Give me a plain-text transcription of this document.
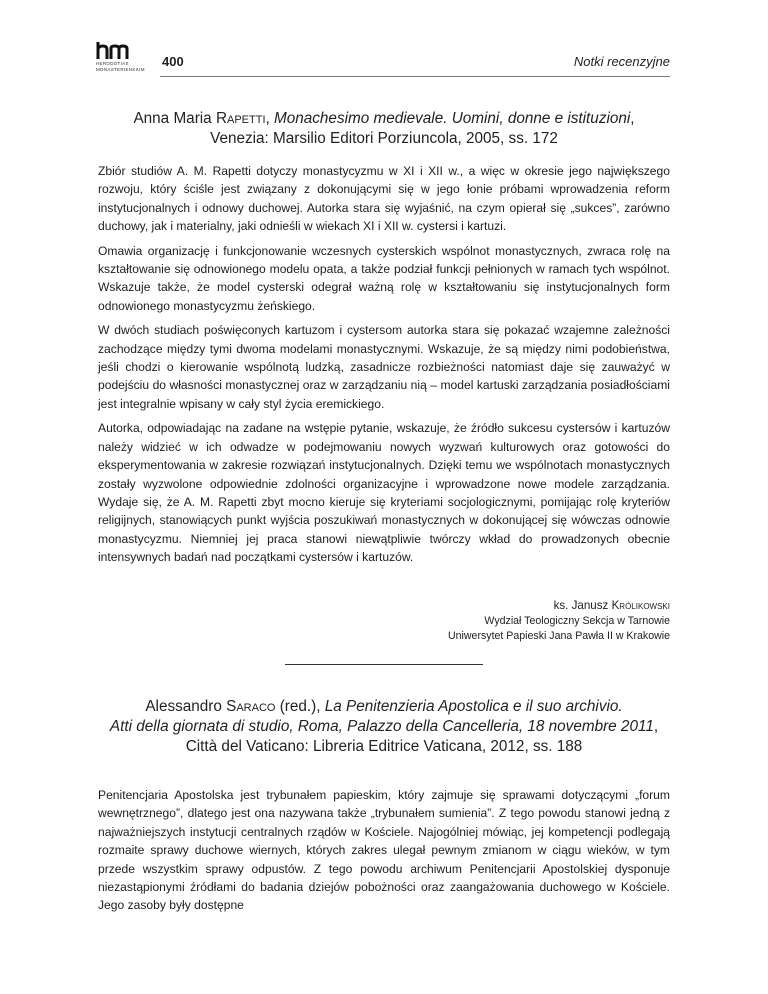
HERODOTIAS
MONASTERIENSIUM
400	Notki recenzyjne
Anna Maria Rapetti, Monachesimo medievale. Uomini, donne e istituzioni,
Venezia: Marsilio Editori Porziuncola, 2005, ss. 172

Zbiór studiów A. M. Rapetti dotyczy monastycyzmu w XI i XII w., a więc w okresie jego największego rozwoju, który ściśle jest związany z dokonującymi się w jego łonie próbami wprowadzenia reform instytucjonalnych i odnowy duchowej. Autorka stara się wyjaśnić, na czym opierał się „sukces”, zarówno duchowy, jak i materialny, jaki odnieśli w wiekach XI i XII w. cystersi i kartuzi.

Omawia organizację i funkcjonowanie wczesnych cysterskich wspólnot monastycznych, zwraca rolę na kształtowanie się odnowionego modelu opata, a także podział funkcji pełnionych w ramach tych wspólnot. Wskazuje także, że model cysterski odegrał ważną rolę w kształtowaniu się instytucjonalnych form odnowionego monastycyzmu żeńskiego.

W dwóch studiach poświęconych kartuzom i cystersom autorka stara się pokazać wzajemne zależności zachodzące między tymi dwoma modelami monastycznymi. Wskazuje, że są między nimi podobieństwa, jeśli chodzi o kierowanie wspólnotą ludzką, zasadnicze rozbieżności natomiast daje się zauważyć w podejściu do własności monastycznej oraz w zarządzaniu nią – model kartuski zarządzania posiadłościami jest integralnie wpisany w cały styl życia eremickiego.

Autorka, odpowiadając na zadane na wstępie pytanie, wskazuje, że źródło sukcesu cystersów i kartuzów należy widzieć w ich odwadze w podejmowaniu nowych wyzwań kulturowych oraz gotowości do eksperymentowania w zakresie rozwiązań instytucjonalnych. Dzięki temu we wspólnotach monastycznych zostały wyzwolone odpowiednie zdolności organizacyjne i wprowadzone nowe modele zarządzania. Wydaje się, że A. M. Rapetti zbyt mocno kieruje się kryteriami socjologicznymi, pomijając rolę kryteriów religijnych, stanowiących punkt wyjścia poszukiwań monastycznych w dokonującej się wówczas odnowie monastycyzmu. Niemniej jej praca stanowi niewątpliwie twórczy wkład do prowadzonych obecnie intensywnych badań nad początkami cystersów i kartuzów.

ks. Janusz Królikowski
Wydział Teologiczny Sekcja w Tarnowie
Uniwersytet Papieski Jana Pawła II w Krakowie
Alessandro Saraco (red.), La Penitenzieria Apostolica e il suo archivio.
Atti della giornata di studio, Roma, Palazzo della Cancelleria, 18 novembre 2011,
Città del Vaticano: Libreria Editrice Vaticana, 2012, ss. 188

Penitencjaria Apostolska jest trybunałem papieskim, który zajmuje się sprawami dotyczącymi „forum wewnętrznego”, dlatego jest ona nazywana także „trybunałem sumienia”. Z tego powodu stanowi jedną z najważniejszych instytucji centralnych rządów w Kościele. Najogólniej mówiąc, jej kompetencji podlegają rozmaite sprawy duchowe wiernych, których zakres ulegał pewnym zmianom w ciągu wieków, w tym przede wszystkim sprawy odpustów. Z tego powodu archiwum Penitencjarii Apostolskiej dysponuje niezastąpionymi źródłami do badania dziejów pobożności oraz zaangażowania duchowego w Kościele. Jego zasoby były dostępne
